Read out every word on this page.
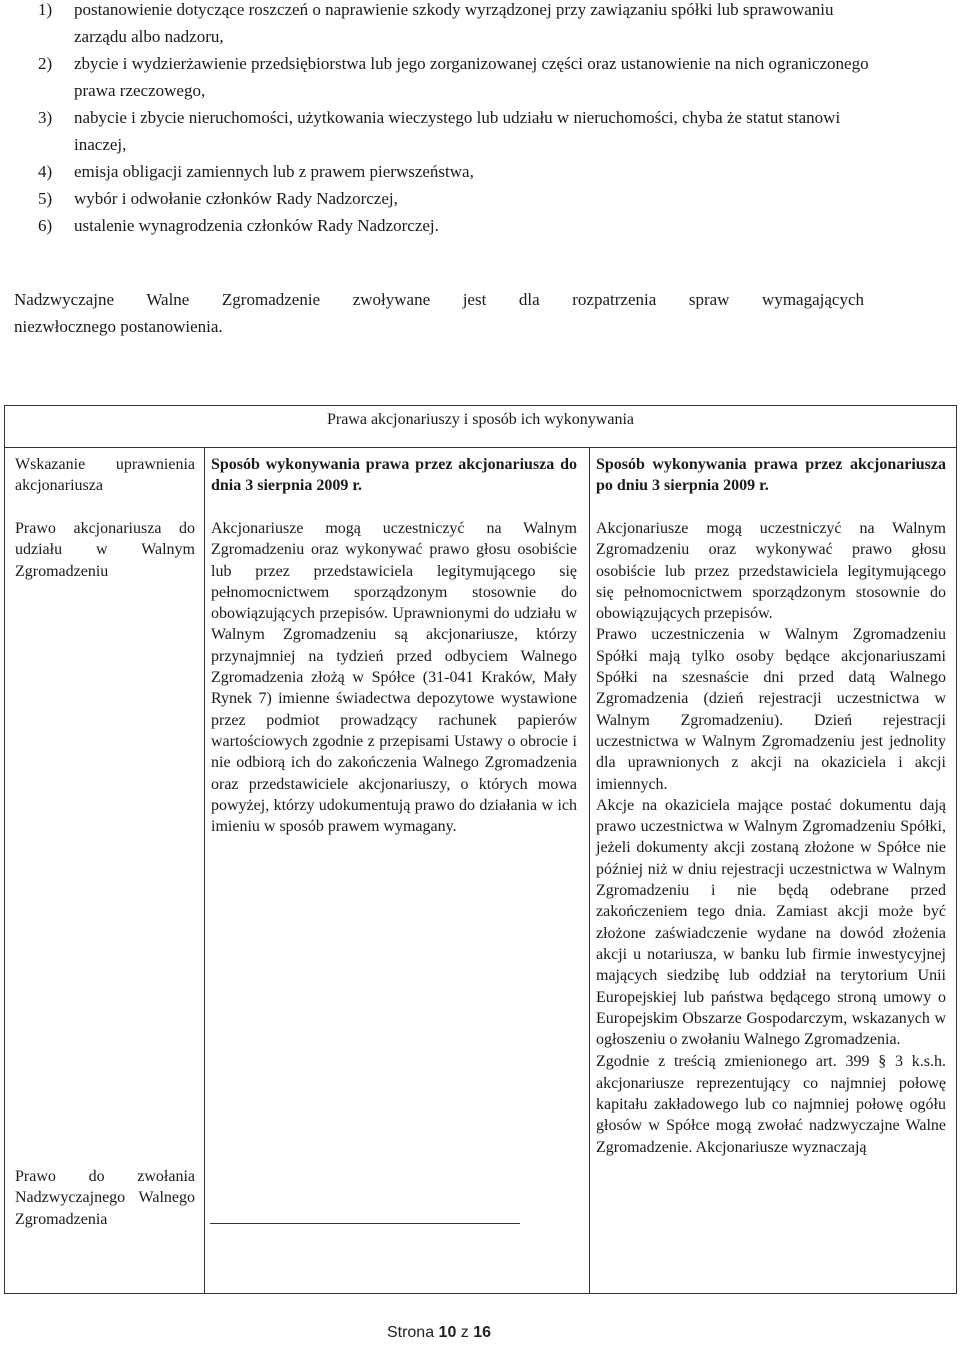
1) postanowienie dotyczące roszczeń o naprawienie szkody wyrządzonej przy zawiązaniu spółki lub sprawowaniu zarządu albo nadzoru,
2) zbycie i wydzierżawienie przedsiębiorstwa lub jego zorganizowanej części oraz ustanowienie na nich ograniczonego prawa rzeczowego,
3) nabycie i zbycie nieruchomości, użytkowania wieczystego lub udziału w nieruchomości, chyba że statut stanowi inaczej,
4) emisja obligacji zamiennych lub z prawem pierwszeństwa,
5) wybór i odwołanie członków Rady Nadzorczej,
6) ustalenie wynagrodzenia członków Rady Nadzorczej.

Nadzwyczajne Walne Zgromadzenie zwoływane jest dla rozpatrzenia spraw wymagających
niezwłocznego postanowienia.

Prawa akcjonariuszy i sposób ich wykonywania

Wskazanie uprawnienia akcjonariusza

Prawo akcjonariusza do udziału w Walnym Zgromadzeniu

Prawo do zwołania Nadzwyczajnego Walnego Zgromadzenia

Sposób wykonywania prawa przez akcjonariusza do dnia 3 sierpnia 2009 r.

Akcjonariusze mogą uczestniczyć na Walnym Zgromadzeniu oraz wykonywać prawo głosu osobiście lub przez przedstawiciela legitymującego się pełnomocnictwem sporządzonym stosownie do obowiązujących przepisów. Uprawnionymi do udziału w Walnym Zgromadzeniu są akcjonariusze, którzy przynajmniej na tydzień przed odbyciem Walnego Zgromadzenia złożą w Spółce (31-041 Kraków, Mały Rynek 7) imienne świadectwa depozytowe wystawione przez podmiot prowadzący rachunek papierów wartościowych zgodnie z przepisami Ustawy o obrocie i nie odbiorą ich do zakończenia Walnego Zgromadzenia oraz przedstawiciele akcjonariuszy, o których mowa powyżej, którzy udokumentują prawo do działania w ich imieniu w sposób prawem wymagany.

Sposób wykonywania prawa przez akcjonariusza po dniu 3 sierpnia 2009 r.

Akcjonariusze mogą uczestniczyć na Walnym Zgromadzeniu oraz wykonywać prawo głosu osobiście lub przez przedstawiciela legitymującego się pełnomocnictwem sporządzonym stosownie do obowiązujących przepisów.

Prawo uczestniczenia w Walnym Zgromadzeniu Spółki mają tylko osoby będące akcjonariuszami Spółki na szesnaście dni przed datą Walnego Zgromadzenia (dzień rejestracji uczestnictwa w Walnym Zgromadzeniu). Dzień rejestracji uczestnictwa w Walnym Zgromadzeniu jest jednolity dla uprawnionych z akcji na okaziciela i akcji imiennych.

Akcje na okaziciela mające postać dokumentu dają prawo uczestnictwa w Walnym Zgromadzeniu Spółki, jeżeli dokumenty akcji zostaną złożone w Spółce nie później niż w dniu rejestracji uczestnictwa w Walnym Zgromadzeniu i nie będą odebrane przed zakończeniem tego dnia. Zamiast akcji może być złożone zaświadczenie wydane na dowód złożenia akcji u notariusza, w banku lub firmie inwestycyjnej mających siedzibę lub oddział na terytorium Unii Europejskiej lub państwa będącego stroną umowy o Europejskim Obszarze Gospodarczym, wskazanych w ogłoszeniu o zwołaniu Walnego Zgromadzenia.

Zgodnie z treścią zmienionego art. 399 § 3 k.s.h. akcjonariusze reprezentujący co najmniej połowę kapitału zakładowego lub co najmniej połowę ogółu głosów w Spółce mogą zwołać nadzwyczajne Walne Zgromadzenie. Akcjonariusze wyznaczają

Strona 10 z 16
